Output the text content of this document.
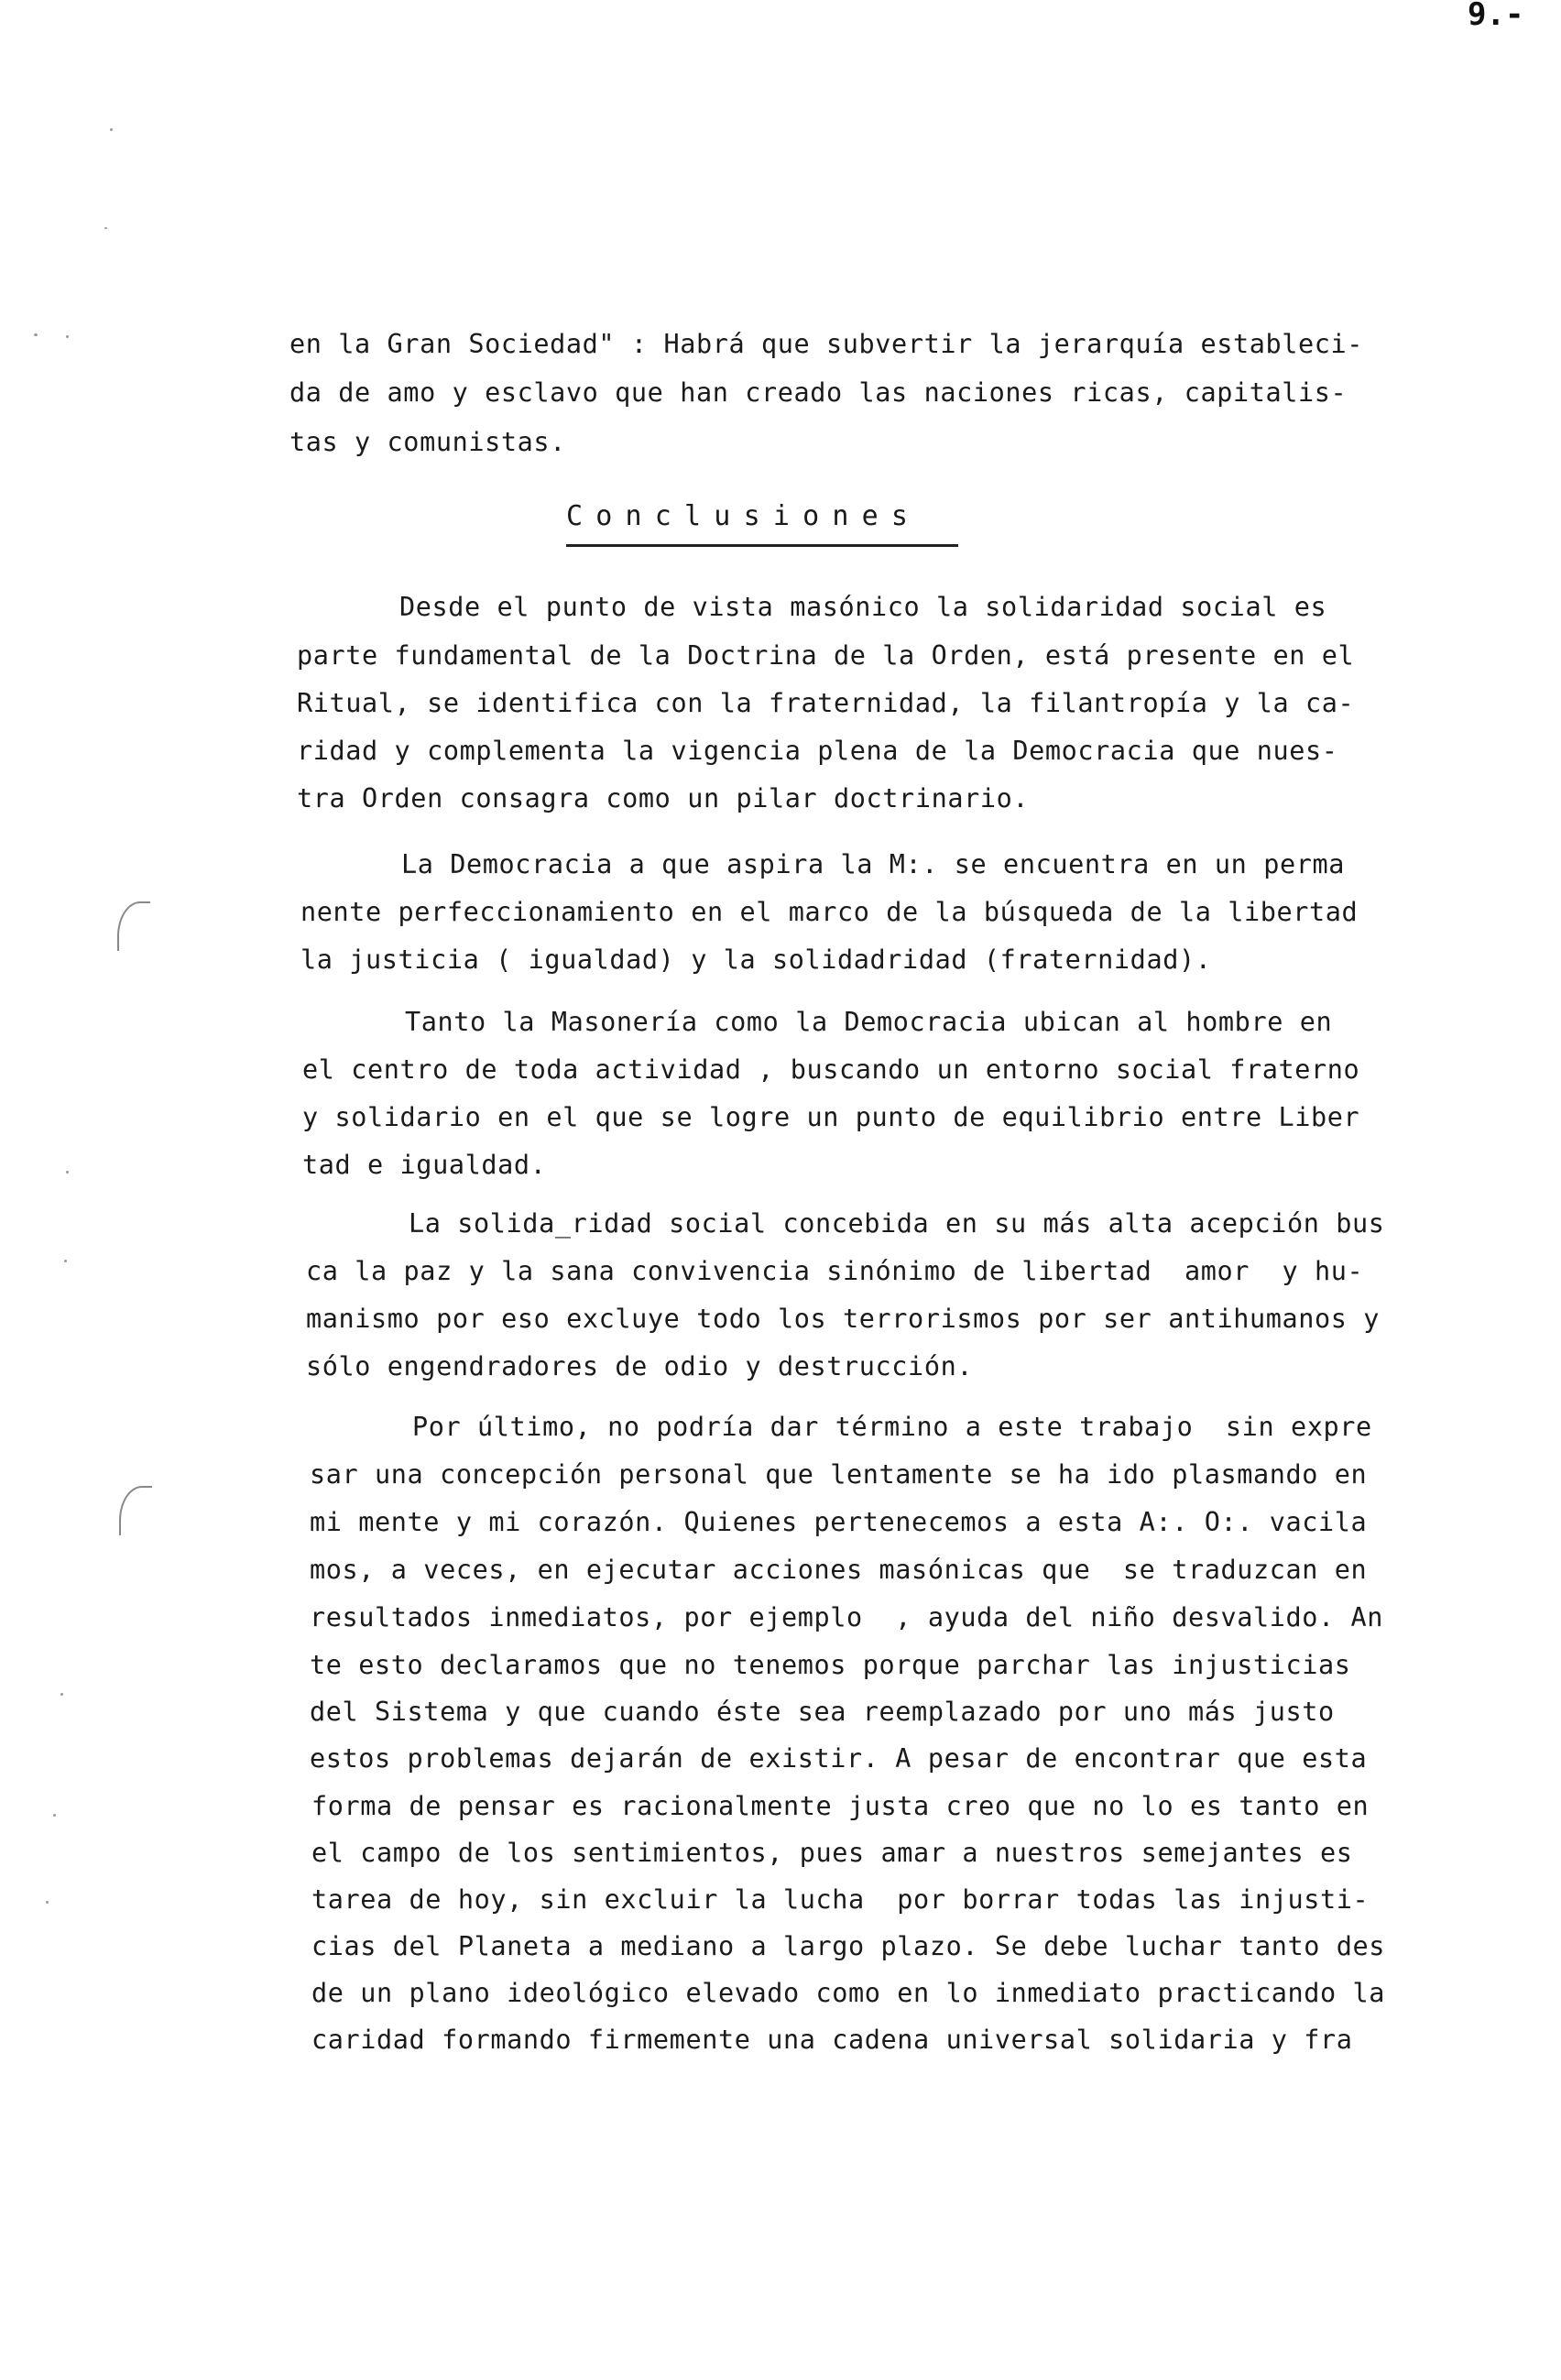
9.-
en la Gran Sociedad" : Habrá que subvertir la jerarquía estableci-
da de amo y esclavo que han creado las naciones ricas, capitalis-
tas y comunistas.
Conclusiones
Desde el punto de vista masónico la solidaridad social es
parte fundamental de la Doctrina de la Orden, está presente en el
Ritual, se identifica con la fraternidad, la filantropía y la ca-
ridad y complementa la vigencia plena de la Democracia que nues-
tra Orden consagra como un pilar doctrinario.
La Democracia a que aspira la M:. se encuentra en un perma
nente perfeccionamiento en el marco de la búsqueda de la libertad
la justicia ( igualdad) y la solidadridad (fraternidad).
Tanto la Masonería como la Democracia ubican al hombre en
el centro de toda actividad , buscando un entorno social fraterno
y solidario en el que se logre un punto de equilibrio entre Liber
tad e igualdad.
La solida_ridad social concebida en su más alta acepción bus
ca la paz y la sana convivencia sinónimo de libertad  amor  y hu-
manismo por eso excluye todo los terrorismos por ser antihumanos y
sólo engendradores de odio y destrucción.
Por último, no podría dar término a este trabajo  sin expre
sar una concepción personal que lentamente se ha ido plasmando en
mi mente y mi corazón. Quienes pertenecemos a esta A:. O:. vacila
mos, a veces, en ejecutar acciones masónicas que  se traduzcan en
resultados inmediatos, por ejemplo  , ayuda del niño desvalido. An
te esto declaramos que no tenemos porque parchar las injusticias
del Sistema y que cuando éste sea reemplazado por uno más justo
estos problemas dejarán de existir. A pesar de encontrar que esta
forma de pensar es racionalmente justa creo que no lo es tanto en
el campo de los sentimientos, pues amar a nuestros semejantes es
tarea de hoy, sin excluir la lucha  por borrar todas las injusti-
cias del Planeta a mediano a largo plazo. Se debe luchar tanto des
de un plano ideológico elevado como en lo inmediato practicando la
caridad formando firmemente una cadena universal solidaria y fra
